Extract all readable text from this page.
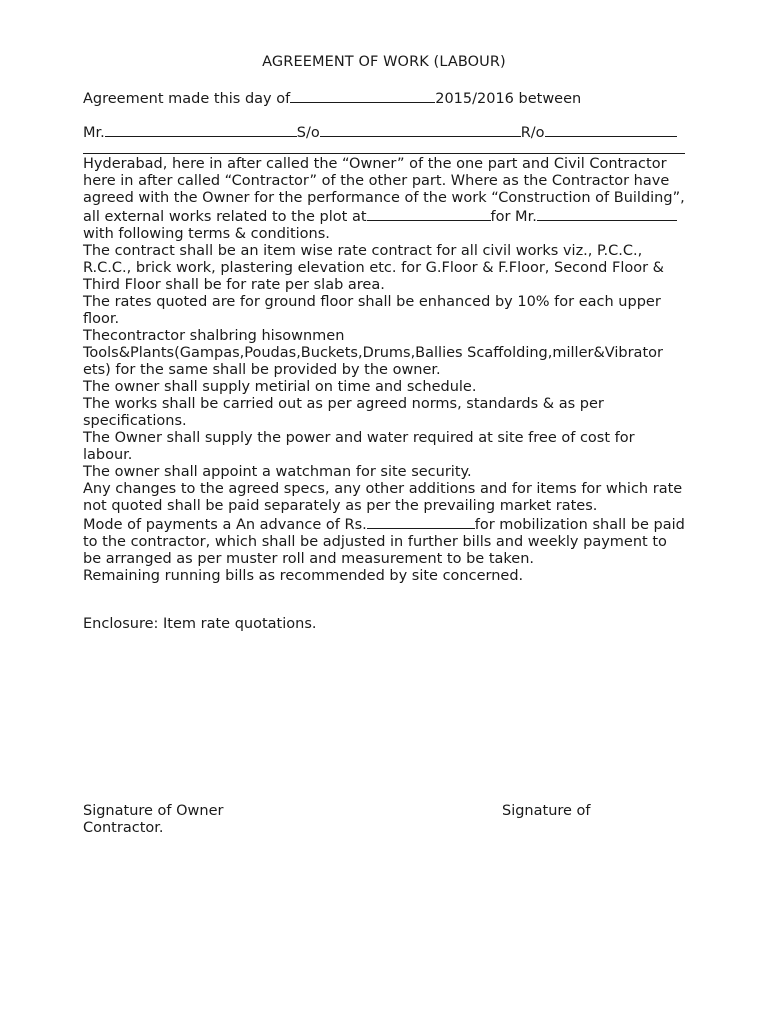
AGREEMENT OF WORK (LABOUR)
Agreement made this day of	2015/2016 between
Mr.	S/o	R/o

Hyderabad, here in after called the “Owner” of the one part and Civil Contractor here in after called “Contractor” of the other part. Where as the Contractor have agreed with the Owner for the performance of the work “Construction of Building”, all external works related to the plot at	for Mr. with following terms & conditions.

The contract shall be an item wise rate contract for all civil works viz., P.C.C., R.C.C., brick work, plastering elevation etc. for G.Floor & F.Floor, Second Floor & Third Floor shall be for rate per slab area.

The rates quoted are for ground floor shall be enhanced by 10% for each upper floor.

Thecontractor shalbring hisownmen Tools&Plants(Gampas,Poudas,Buckets,Drums,Ballies Scaffolding,miller&Vibrator ets) for the same shall be provided by the owner.

The owner shall supply metirial on time and schedule.

The works shall be carried out as per agreed norms, standards & as per specifications.

The Owner shall supply the power and water required at site free of cost for labour.

The owner shall appoint a watchman for site security.

Any changes to the agreed specs, any other additions and for items for which rate not quoted shall be paid separately as per the prevailing market rates.

Mode of payments a An advance of Rs.	for mobilization shall be paid to the contractor, which shall be adjusted in further bills and weekly payment to be arranged as per muster roll and measurement to be taken.

Remaining running bills as recommended by site concerned.

Enclosure: Item rate quotations.
Signature of Owner	Signature of
Contractor.
